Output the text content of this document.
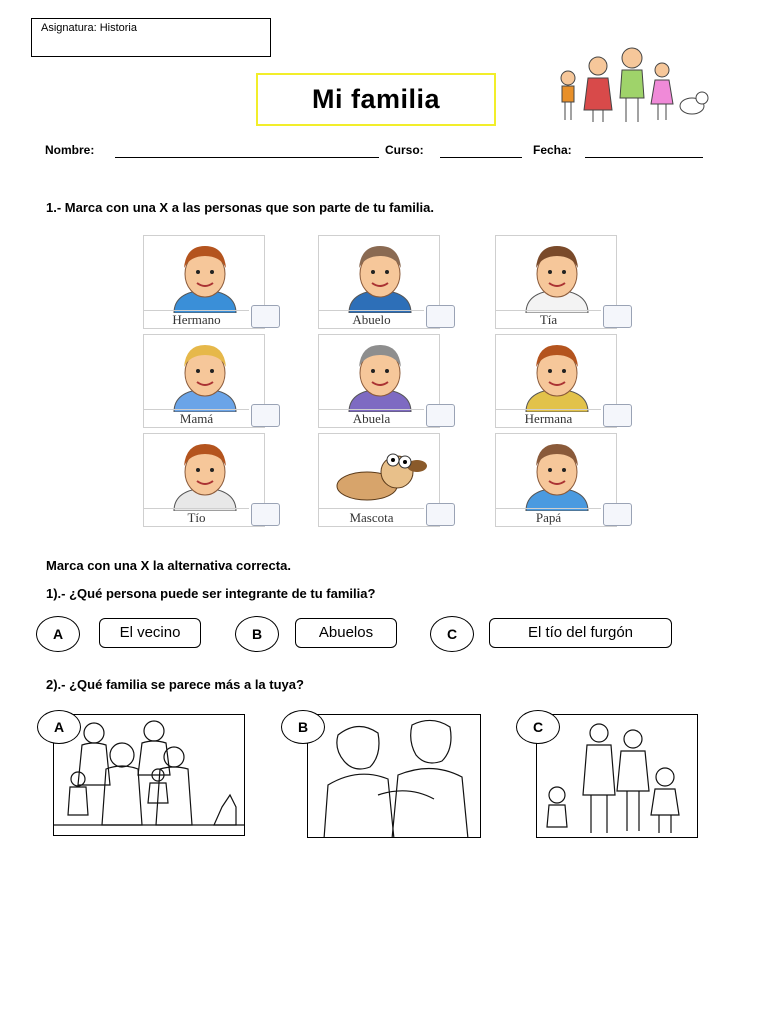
Asignatura: Historia
Mi familia
Nombre:	Curso:	Fecha:
1.- Marca con una X a las personas que son parte de tu familia.
Hermano	Abuelo	Tía
Mamá	Abuela	Hermana
Tío	Mascota	Papá
Marca con una X la alternativa correcta.
1).- ¿Qué persona puede ser integrante de tu familia?
A	El vecino	B	Abuelos	C	El tío del furgón
2).- ¿Qué familia se parece más a la tuya?
A	B	C
